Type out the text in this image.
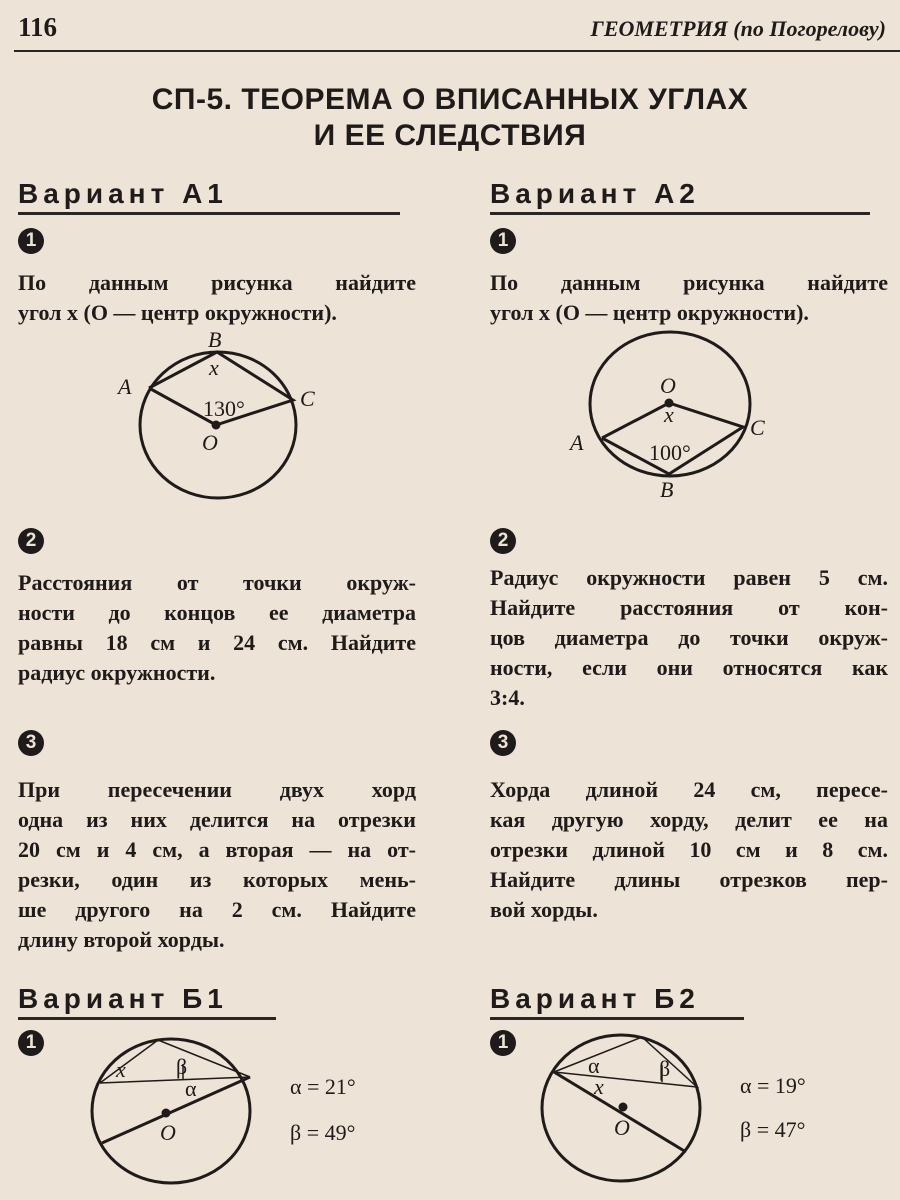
116	ГЕОМЕТРИЯ (по Погорелову)
СП-5. ТЕОРЕМА О ВПИСАННЫХ УГЛАХ
И ЕЕ СЛЕДСТВИЯ
Вариант А1
1
По данным рисунка найдите
угол x (O — центр окружности).
2
Расстояния от точки окруж-
ности до концов ее диаметра
равны 18 см и 24 см. Найдите
радиус окружности.
3
При пересечении двух хорд
одна из них делится на отрезки
20 см и 4 см, а вторая — на от-
резки, один из которых мень-
ше другого на 2 см. Найдите
длину второй хорды.
Вариант А2
1
По данным рисунка найдите
угол x (O — центр окружности).
2
Радиус окружности равен 5 см.
Найдите расстояния от кон-
цов диаметра до точки окруж-
ности, если они относятся как
3:4.
3
Хорда длиной 24 см, пересе-
кая другую хорду, делит ее на
отрезки длиной 10 см и 8 см.
Найдите длины отрезков пер-
вой хорды.
Вариант Б1
1
Вариант Б2
1
A
B
C
O
x
130°
A
B
C
O
x
100°
x β
α
O
α = 21°
β = 49°
α	β
x
O
α = 19°
β = 47°
